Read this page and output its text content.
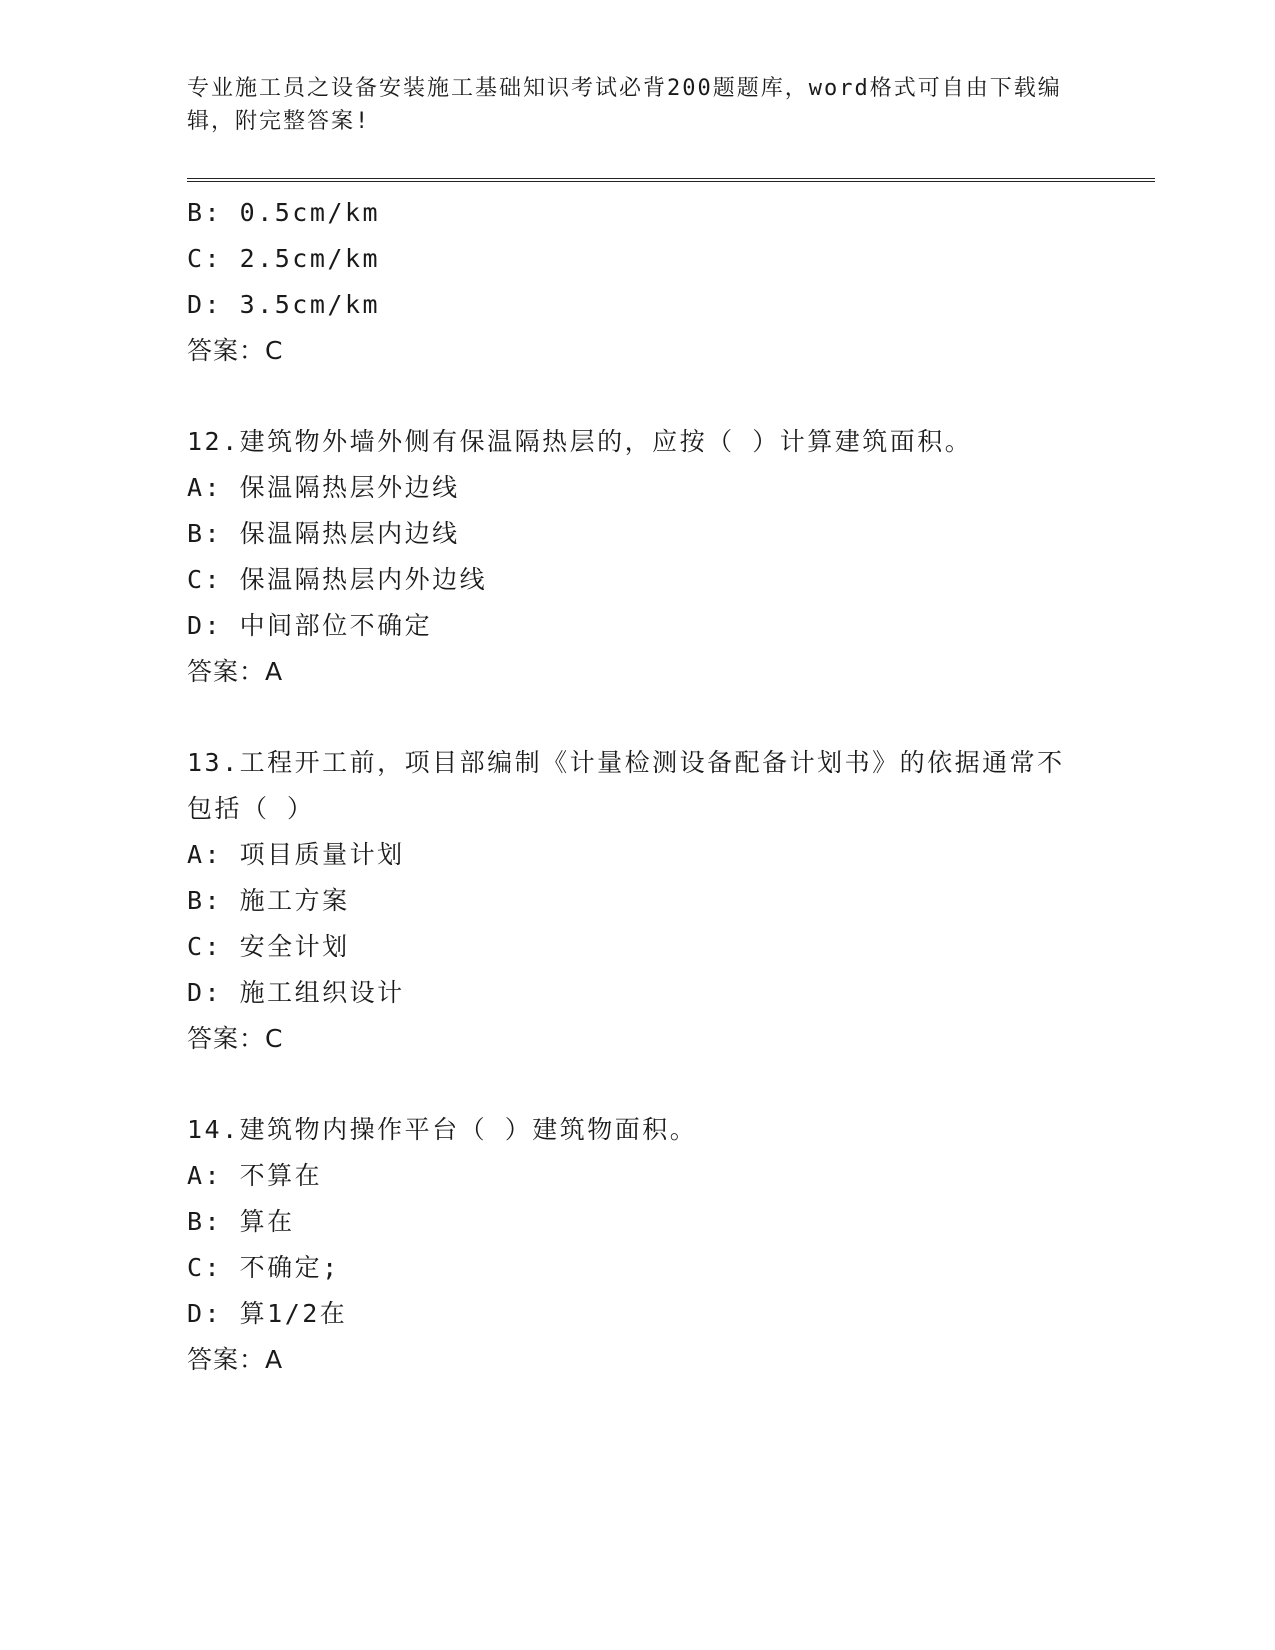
专业施工员之设备安装施工基础知识考试必背200题题库，word格式可自由下载编辑，附完整答案!
B: 0.5cm/km
C: 2.5cm/km
D: 3.5cm/km
答案：C
12.建筑物外墙外侧有保温隔热层的，应按（ ）计算建筑面积。
A: 保温隔热层外边线
B: 保温隔热层内边线
C: 保温隔热层内外边线
D: 中间部位不确定
答案：A
13.工程开工前，项目部编制《计量检测设备配备计划书》的依据通常不包括（ ）
A: 项目质量计划
B: 施工方案
C: 安全计划
D: 施工组织设计
答案：C
14.建筑物内操作平台（ ）建筑物面积。
A: 不算在
B: 算在
C: 不确定;
D: 算1/2在
答案：A
